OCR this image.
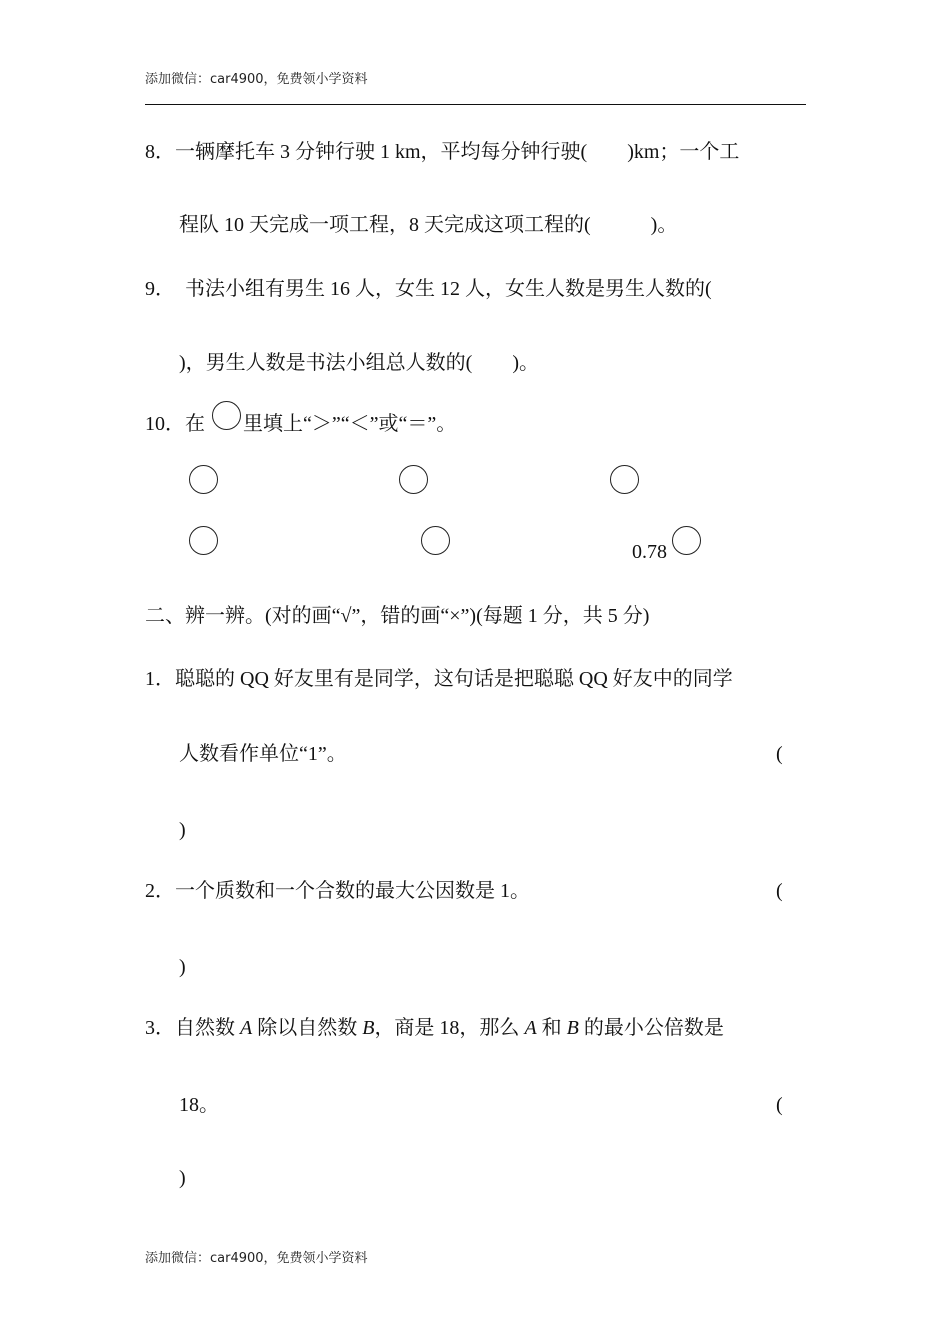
添加微信：car4900，免费领小学资料
8．一辆摩托车 3 分钟行驶 1 km，平均每分钟行驶(        )km；一个工
程队 10 天完成一项工程，8 天完成这项工程的(            )。
9．  书法小组有男生 16 人，女生 12 人，女生人数是男生人数的(
)，男生人数是书法小组总人数的(        )。
10．在 里填上“＞”“＜”或“＝”。
0.78
二、辨一辨。(对的画“√”，错的画“×”)(每题 1 分，共 5 分)
1．聪聪的 QQ 好友里有是同学，这句话是把聪聪 QQ 好友中的同学
人数看作单位“1”。	(
)
2．一个质数和一个合数的最大公因数是 1。	(
)
3．自然数 A 除以自然数 B，商是 18，那么 A 和 B 的最小公倍数是
18。	(
)
添加微信：car4900，免费领小学资料
